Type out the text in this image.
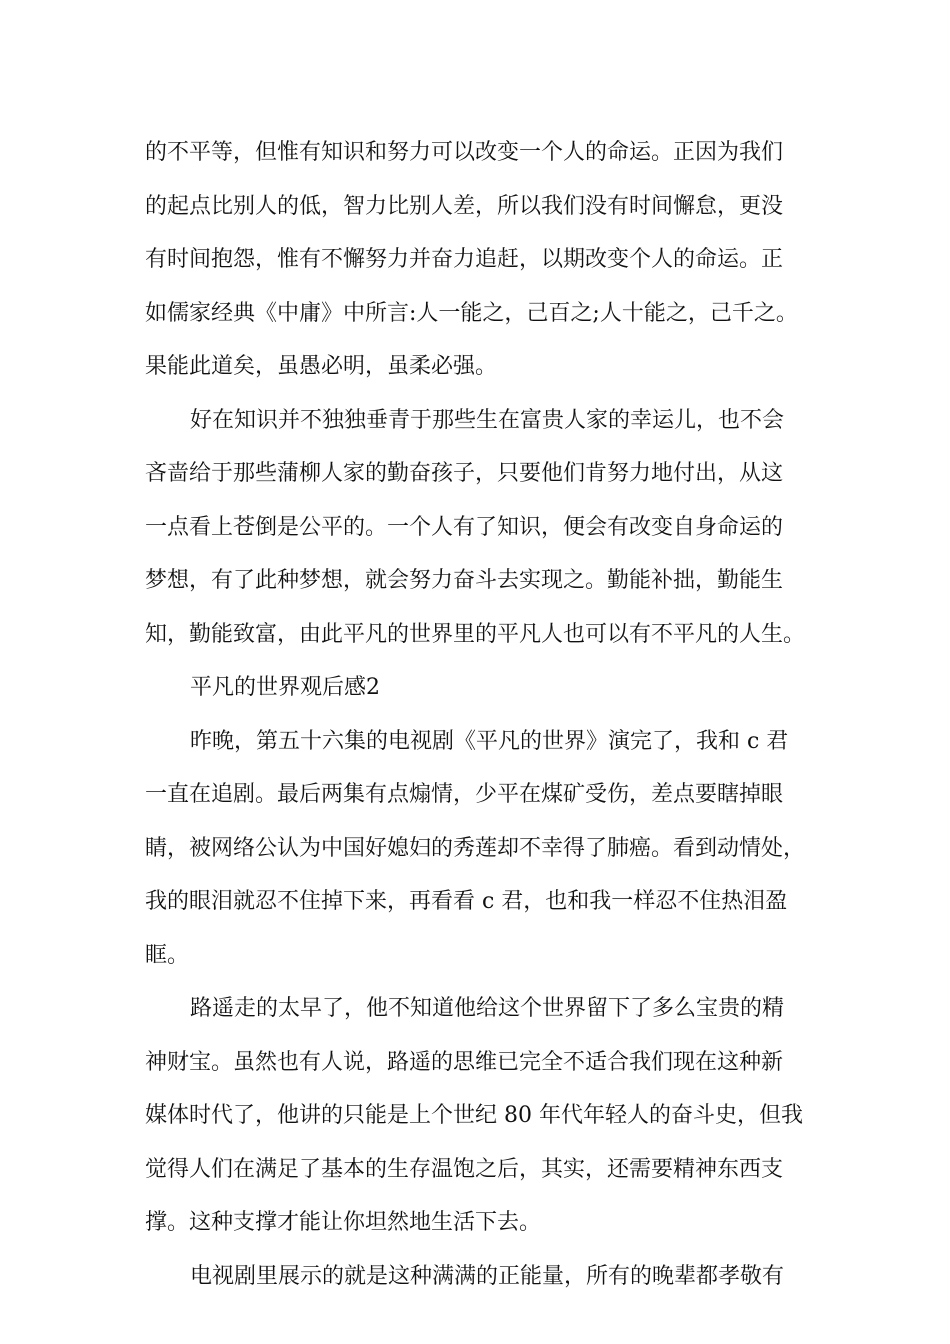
的不平等，但惟有知识和努力可以改变一个人的命运。正因为我们
的起点比别人的低，智力比别人差，所以我们没有时间懈怠，更没
有时间抱怨，惟有不懈努力并奋力追赶，以期改变个人的命运。正
如儒家经典《中庸》中所言:人一能之，己百之;人十能之，己千之。
果能此道矣，虽愚必明，虽柔必强。
好在知识并不独独垂青于那些生在富贵人家的幸运儿，也不会
吝啬给于那些蒲柳人家的勤奋孩子，只要他们肯努力地付出，从这
一点看上苍倒是公平的。一个人有了知识，便会有改变自身命运的
梦想，有了此种梦想，就会努力奋斗去实现之。勤能补拙，勤能生
知，勤能致富，由此平凡的世界里的平凡人也可以有不平凡的人生。
平凡的世界观后感2
昨晚，第五十六集的电视剧《平凡的世界》演完了，我和 c 君
一直在追剧。最后两集有点煽情，少平在煤矿受伤，差点要瞎掉眼
睛，被网络公认为中国好媳妇的秀莲却不幸得了肺癌。看到动情处，
我的眼泪就忍不住掉下来，再看看 c 君，也和我一样忍不住热泪盈
眶。
路遥走的太早了，他不知道他给这个世界留下了多么宝贵的精
神财宝。虽然也有人说，路遥的思维已完全不适合我们现在这种新
媒体时代了，他讲的只能是上个世纪 80 年代年轻人的奋斗史，但我
觉得人们在满足了基本的生存温饱之后，其实，还需要精神东西支
撑。这种支撑才能让你坦然地生活下去。
电视剧里展示的就是这种满满的正能量，所有的晚辈都孝敬有
